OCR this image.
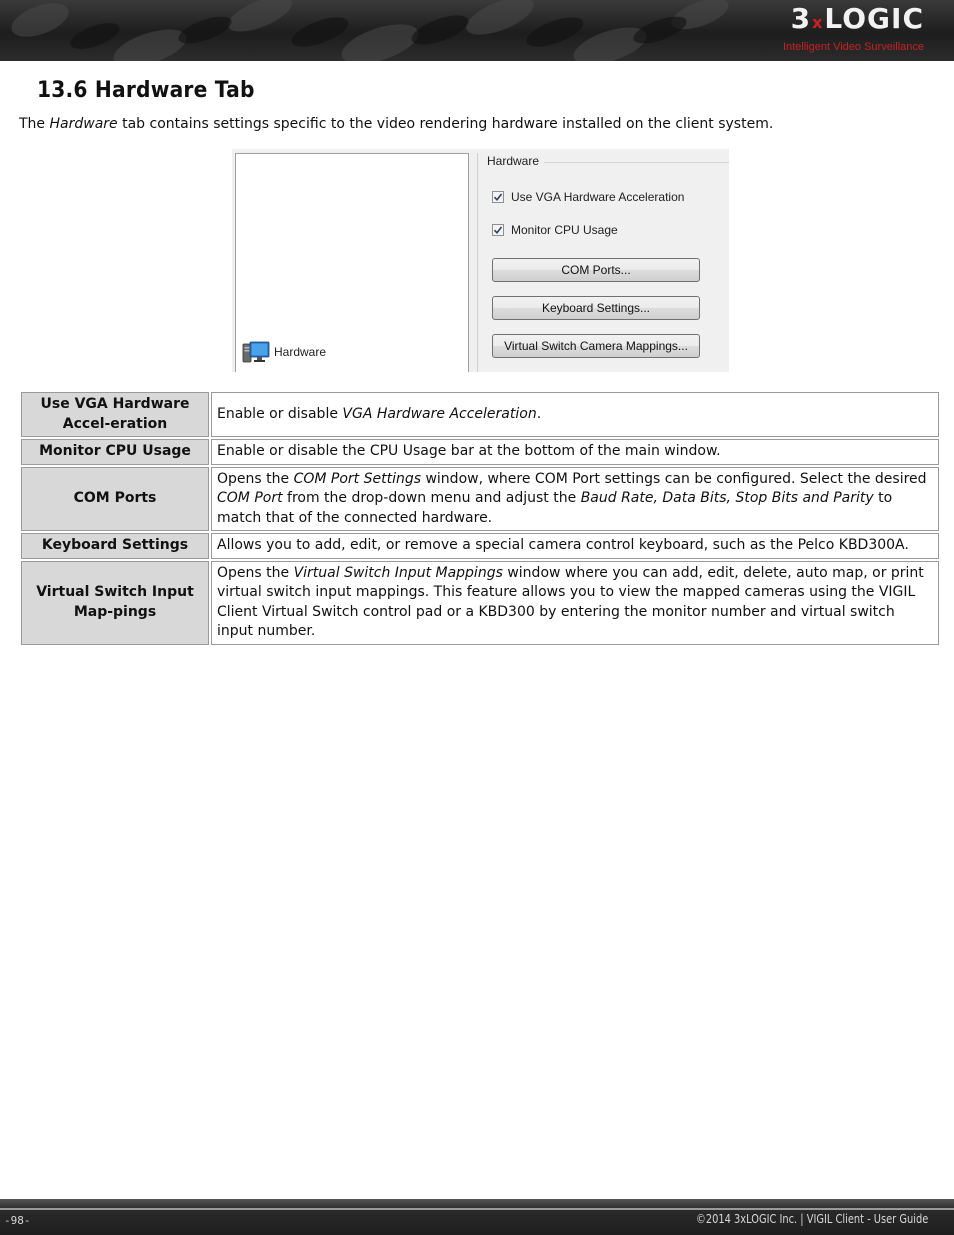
3xLOGIC
Intelligent Video Surveillance
13.6 Hardware Tab

The Hardware tab contains settings specific to the video rendering hardware installed on the client system.

Hardware
Hardware
Use VGA Hardware Acceleration
Monitor CPU Usage
COM Ports...
Keyboard Settings...
Virtual Switch Camera Mappings...
Use VGA Hardware Accel-eration	Enable or disable VGA Hardware Acceleration.
Monitor CPU Usage	Enable or disable the CPU Usage bar at the bottom of the main window.
COM Ports	Opens the COM Port Settings window, where COM Port settings can be configured. Select the desired COM Port from the drop-down menu and adjust the Baud Rate, Data Bits, Stop Bits and Parity to match that of the connected hardware.
Keyboard Settings	Allows you to add, edit, or remove a special camera control keyboard, such as the Pelco KBD300A.
Virtual Switch Input Map-pings	Opens the Virtual Switch Input Mappings window where you can add, edit, delete, auto map, or print virtual switch input mappings. This feature allows you to view the mapped cameras using the VIGIL Client Virtual Switch control pad or a KBD300 by entering the monitor number and virtual switch input number.
-98-	©2014 3xLOGIC Inc. | VIGIL Client - User Guide
